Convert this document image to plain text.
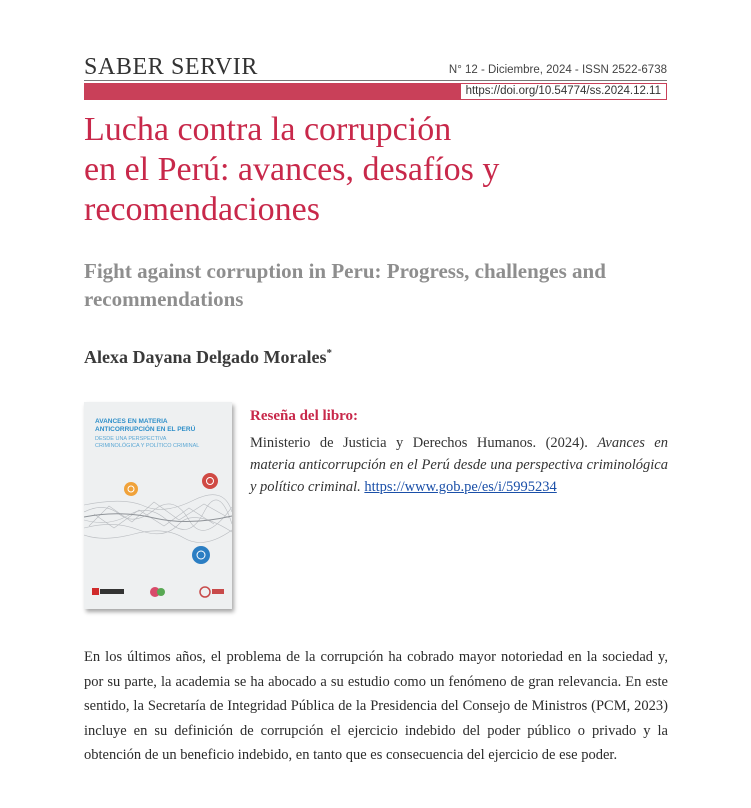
SABER SERVIR	N° 12 - Diciembre, 2024 - ISSN 2522-6738
https://doi.org/10.54774/ss.2024.12.11
Lucha contra la corrupción
en el Perú: avances, desafíos y
recomendaciones
Fight against corruption in Peru: Progress, challenges and
recommendations
Alexa Dayana Delgado Morales*
AVANCES EN MATERIA
ANTICORRUPCIÓN EN EL PERÚ
DESDE UNA PERSPECTIVA
CRIMINOLÓGICA Y POLÍTICO CRIMINAL
Reseña del libro:
Ministerio de Justicia y Derechos Humanos. (2024). Avances en materia anticorrupción en el Perú desde una perspectiva criminológica y político criminal. https://www.gob.pe/es/i/5995234
En los últimos años, el problema de la corrupción ha cobrado mayor notoriedad en la sociedad y, por su parte, la academia se ha abocado a su estudio como un fenómeno de gran relevancia. En este sentido, la Secretaría de Integridad Pública de la Presidencia del Consejo de Ministros (PCM, 2023) incluye en su definición de corrupción el ejercicio indebido del poder público o privado y la obtención de un beneficio indebido, en tanto que es consecuencia del ejercicio de ese poder.
